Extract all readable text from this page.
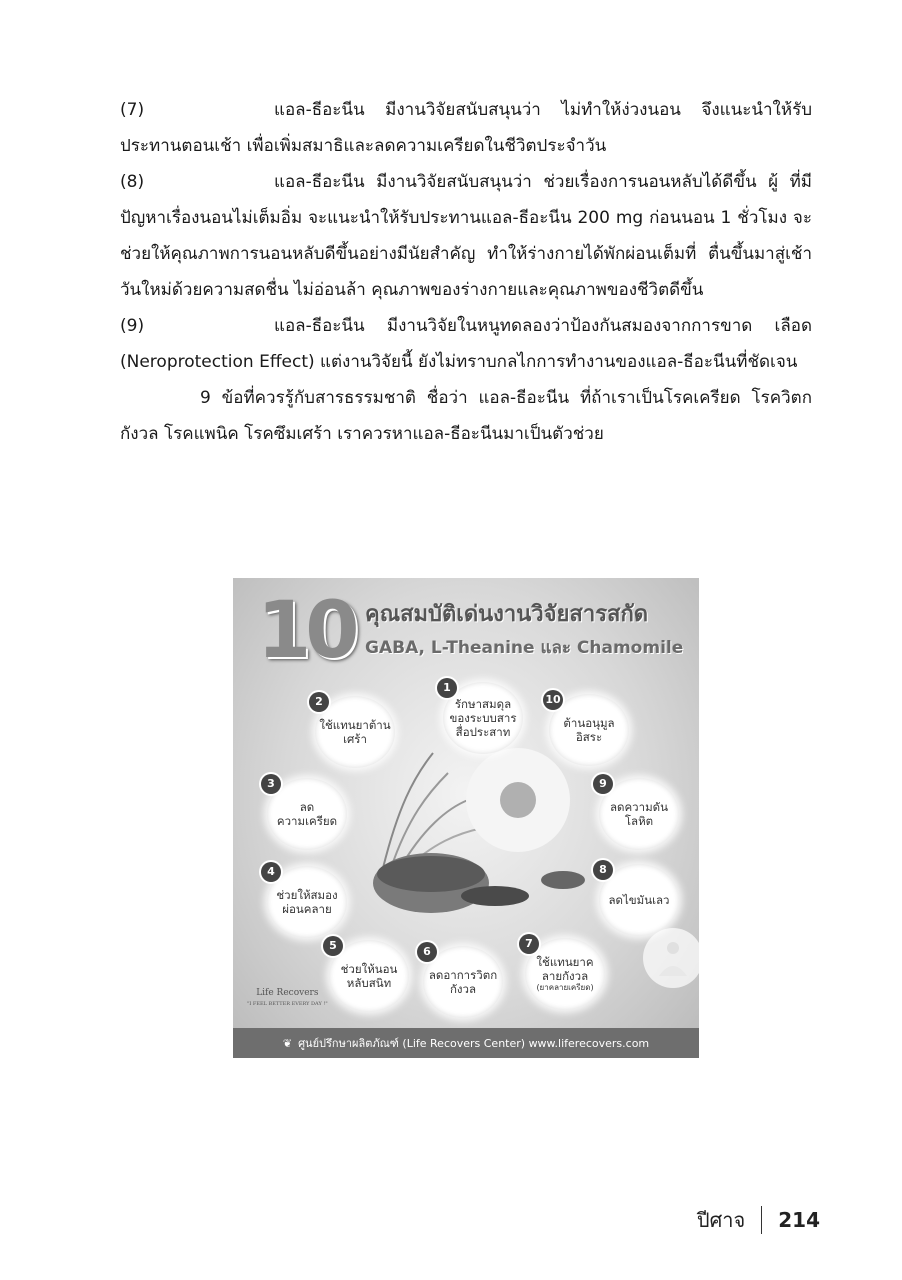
(7)	แอล-ธีอะนีน มีงานวิจัยสนับสนุนว่า ไม่ทำให้ง่วงนอน จึงแนะนำให้รับ ประทานตอนเช้า เพื่อเพิ่มสมาธิและลดความเครียดในชีวิตประจำวัน

(8)	แอล-ธีอะนีน มีงานวิจัยสนับสนุนว่า ช่วยเรื่องการนอนหลับได้ดีขึ้น ผู้ ที่มีปัญหาเรื่องนอนไม่เต็มอิ่ม จะแนะนำให้รับประทานแอล-ธีอะนีน 200 mg ก่อนนอน 1 ชั่วโมง จะช่วยให้คุณภาพการนอนหลับดีขึ้นอย่างมีนัยสำคัญ ทำให้ร่างกายได้พักผ่อนเต็มที่ ตื่นขึ้นมาสู่เช้าวันใหม่ด้วยความสดชื่น ไม่อ่อนล้า คุณภาพของร่างกายและคุณภาพของชีวิตดีขึ้น

(9)	แอล-ธีอะนีน มีงานวิจัยในหนูทดลองว่าป้องกันสมองจากการขาด เลือด (Neroprotection Effect) แต่งานวิจัยนี้ ยังไม่ทราบกลไกการทำงานของแอล-ธีอะนีนที่ชัดเจน

9 ข้อที่ควรรู้กับสารธรรมชาติ ชื่อว่า แอล-ธีอะนีน ที่ถ้าเราเป็นโรคเครียด โรควิตกกังวล โรคแพนิค โรคซึมเศร้า เราควรหาแอล-ธีอะนีนมาเป็นตัวช่วย

10 คุณสมบัติเด่นงานวิจัยสารสกัด
GABA, L-Theanine และ Chamomile
1
รักษาสมดุลของระบบสารสื่อประสาท
2
ใช้แทนยาต้านเศร้า
3
ลดความเครียด
4
ช่วยให้สมองผ่อนคลาย
5
ช่วยให้นอนหลับสนิท
6
ลดอาการวิตกกังวล
7
ใช้แทนยาคลายกังวล
(ยาคลายเครียด)
8
ลดไขมันเลว
9
ลดความดันโลหิต
10
ต้านอนุมูลอิสระ
Life Recovers
"I FEEL BETTER EVERY DAY !"
❦ ศูนย์ปรึกษาผลิตภัณฑ์ (Life Recovers Center) www.liferecovers.com
ปีศาจ 214
